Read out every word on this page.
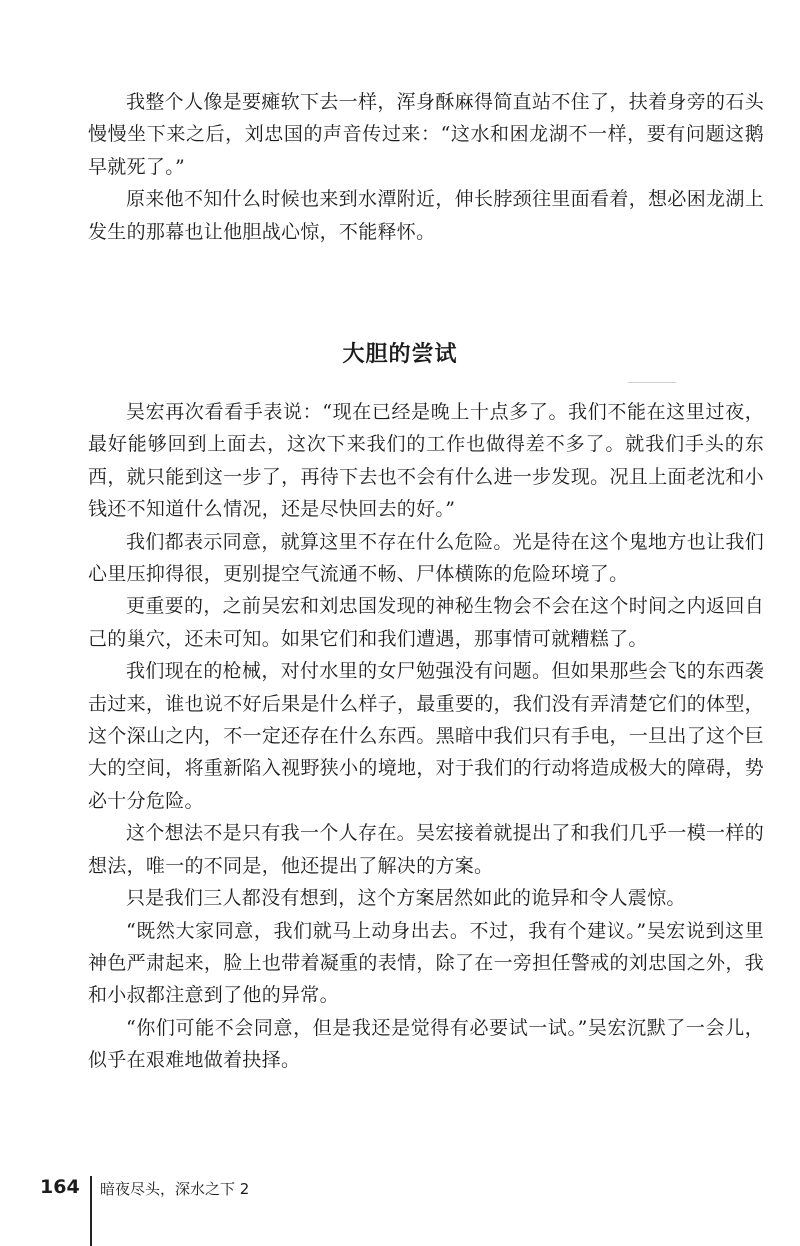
我整个人像是要瘫软下去一样，浑身酥麻得简直站不住了，扶着身旁的石头慢慢坐下来之后，刘忠国的声音传过来：“这水和困龙湖不一样，要有问题这鹅早就死了。”

原来他不知什么时候也来到水潭附近，伸长脖颈往里面看着，想必困龙湖上发生的那幕也让他胆战心惊，不能释怀。

大胆的尝试

吴宏再次看看手表说：“现在已经是晚上十点多了。我们不能在这里过夜，最好能够回到上面去，这次下来我们的工作也做得差不多了。就我们手头的东西，就只能到这一步了，再待下去也不会有什么进一步发现。况且上面老沈和小钱还不知道什么情况，还是尽快回去的好。”

我们都表示同意，就算这里不存在什么危险。光是待在这个鬼地方也让我们心里压抑得很，更别提空气流通不畅、尸体横陈的危险环境了。

更重要的，之前吴宏和刘忠国发现的神秘生物会不会在这个时间之内返回自己的巢穴，还未可知。如果它们和我们遭遇，那事情可就糟糕了。

我们现在的枪械，对付水里的女尸勉强没有问题。但如果那些会飞的东西袭击过来，谁也说不好后果是什么样子，最重要的，我们没有弄清楚它们的体型，这个深山之内，不一定还存在什么东西。黑暗中我们只有手电，一旦出了这个巨大的空间，将重新陷入视野狭小的境地，对于我们的行动将造成极大的障碍，势必十分危险。

这个想法不是只有我一个人存在。吴宏接着就提出了和我们几乎一模一样的想法，唯一的不同是，他还提出了解决的方案。

只是我们三人都没有想到，这个方案居然如此的诡异和令人震惊。

“既然大家同意，我们就马上动身出去。不过，我有个建议。”吴宏说到这里神色严肃起来，脸上也带着凝重的表情，除了在一旁担任警戒的刘忠国之外，我和小叔都注意到了他的异常。

“你们可能不会同意，但是我还是觉得有必要试一试。”吴宏沉默了一会儿，似乎在艰难地做着抉择。

164 暗夜尽头，深水之下 2
